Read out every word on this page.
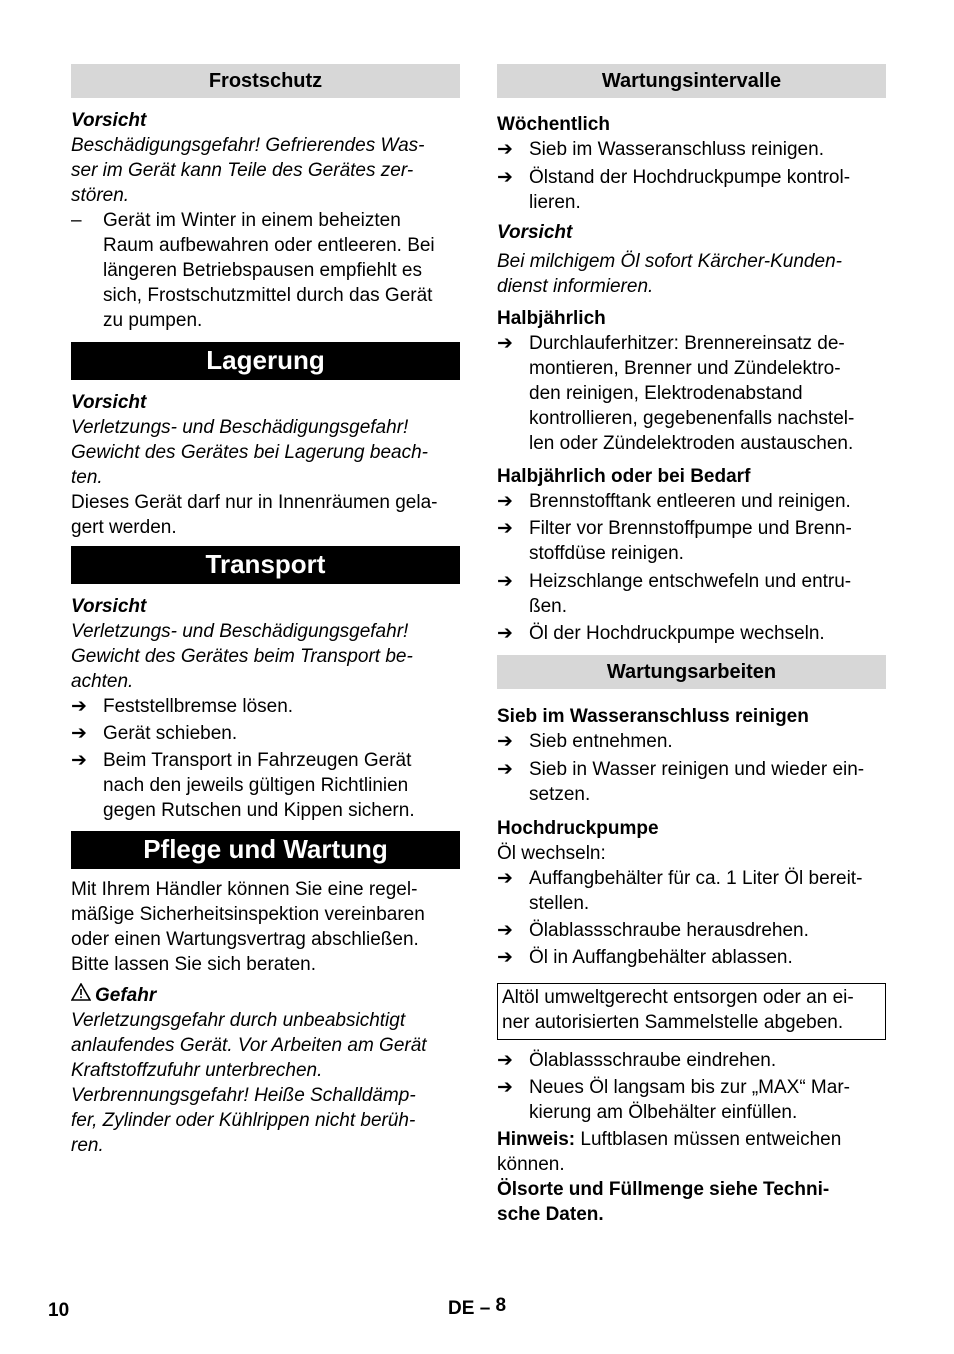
Frostschutz

Vorsicht

Beschädigungsgefahr! Gefrierendes Was-
ser im Gerät kann Teile des Gerätes zer-
stören.

–	Gerät im Winter in einem beheizten
Raum aufbewahren oder entleeren. Bei
längeren Betriebspausen empfiehlt es
sich, Frostschutzmittel durch das Gerät
zu pumpen.
Lagerung

Vorsicht

Verletzungs- und Beschädigungsgefahr!
Gewicht des Gerätes bei Lagerung beach-
ten.

Dieses Gerät darf nur in Innenräumen gela-
gert werden.

Transport

Vorsicht

Verletzungs- und Beschädigungsgefahr!
Gewicht des Gerätes beim Transport be-
achten.

➔ Feststellbremse lösen.
➔ Gerät schieben.
➔ Beim Transport in Fahrzeugen Gerät
nach den jeweils gültigen Richtlinien
gegen Rutschen und Kippen sichern.
Pflege und Wartung

Mit Ihrem Händler können Sie eine regel-
mäßige Sicherheitsinspektion vereinbaren
oder einen Wartungsvertrag abschließen.
Bitte lassen Sie sich beraten.

Gefahr

Verletzungsgefahr durch unbeabsichtigt
anlaufendes Gerät. Vor Arbeiten am Gerät
Kraftstoffzufuhr unterbrechen.
Verbrennungsgefahr! Heiße Schalldämp-
fer, Zylinder oder Kühlrippen nicht berüh-
ren.

Wartungsintervalle

Wöchentlich

➔ Sieb im Wasseranschluss reinigen.
➔ Ölstand der Hochdruckpumpe kontrol-
lieren.

Vorsicht

Bei milchigem Öl sofort Kärcher-Kunden-
dienst informieren.

Halbjährlich

➔ Durchlauferhitzer: Brennereinsatz de-
montieren, Brenner und Zündelektro-
den reinigen, Elektrodenabstand
kontrollieren, gegebenenfalls nachstel-
len oder Zündelektroden austauschen.

Halbjährlich oder bei Bedarf

➔ Brennstofftank entleeren und reinigen.
➔ Filter vor Brennstoffpumpe und Brenn-
stoffdüse reinigen.
➔ Heizschlange entschwefeln und entru-
ßen.
➔ Öl der Hochdruckpumpe wechseln.
Wartungsarbeiten

Sieb im Wasseranschluss reinigen

➔ Sieb entnehmen.
➔ Sieb in Wasser reinigen und wieder ein-
setzen.

Hochdruckpumpe

Öl wechseln:

➔ Auffangbehälter für ca. 1 Liter Öl bereit-
stellen.
➔ Ölablassschraube herausdrehen.
➔ Öl in Auffangbehälter ablassen.
Altöl umweltgerecht entsorgen oder an ei-
ner autorisierten Sammelstelle abgeben.
➔ Ölablassschraube eindrehen.
➔ Neues Öl langsam bis zur „MAX“ Mar-
kierung am Ölbehälter einfüllen.

Hinweis: Luftblasen müssen entweichen
können.

Ölsorte und Füllmenge siehe Techni-
sche Daten.

10	DE – 8
